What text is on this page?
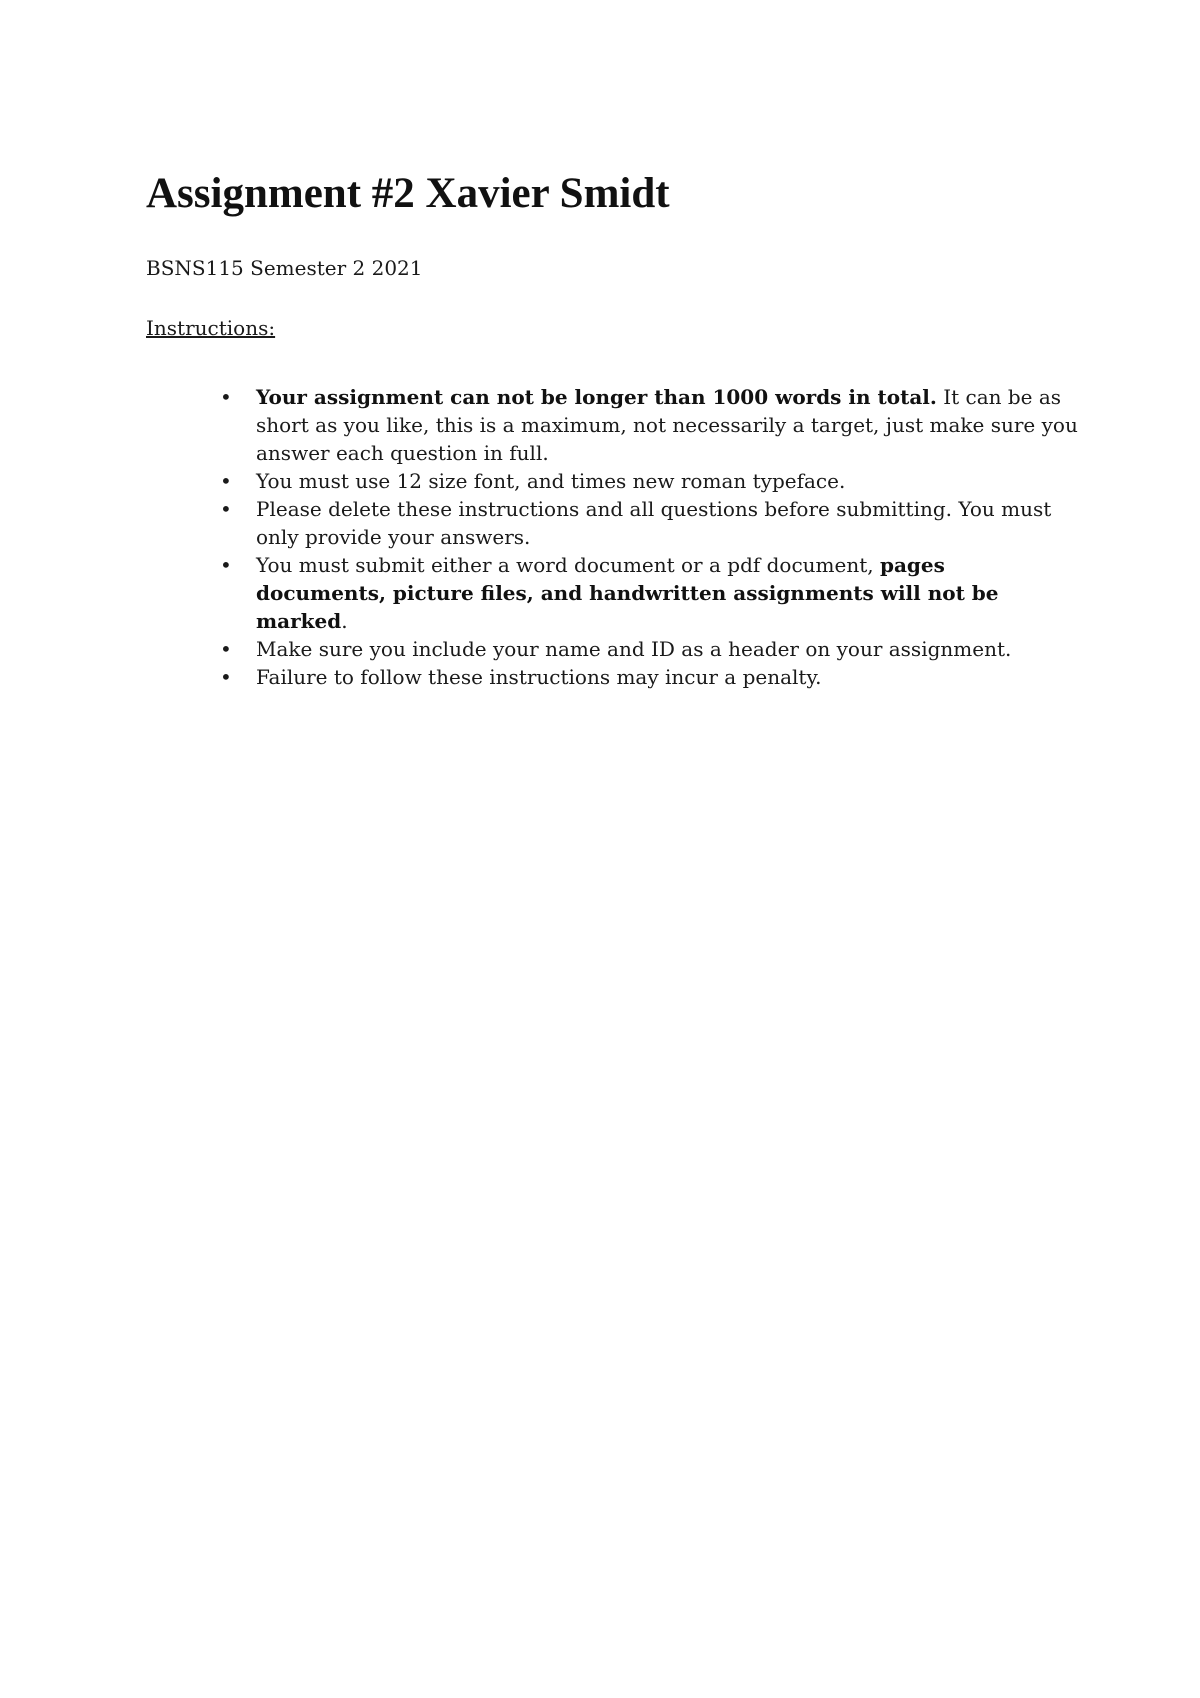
Assignment #2 Xavier Smidt

BSNS115 Semester 2 2021

Instructions:

• Your assignment can not be longer than 1000 words in total. It can be as short as you like, this is a maximum, not necessarily a target, just make sure you answer each question in full.
• You must use 12 size font, and times new roman typeface.
• Please delete these instructions and all questions before submitting. You must only provide your answers.
• You must submit either a word document or a pdf document, pages documents, picture files, and handwritten assignments will not be marked.
• Make sure you include your name and ID as a header on your assignment.
• Failure to follow these instructions may incur a penalty.
